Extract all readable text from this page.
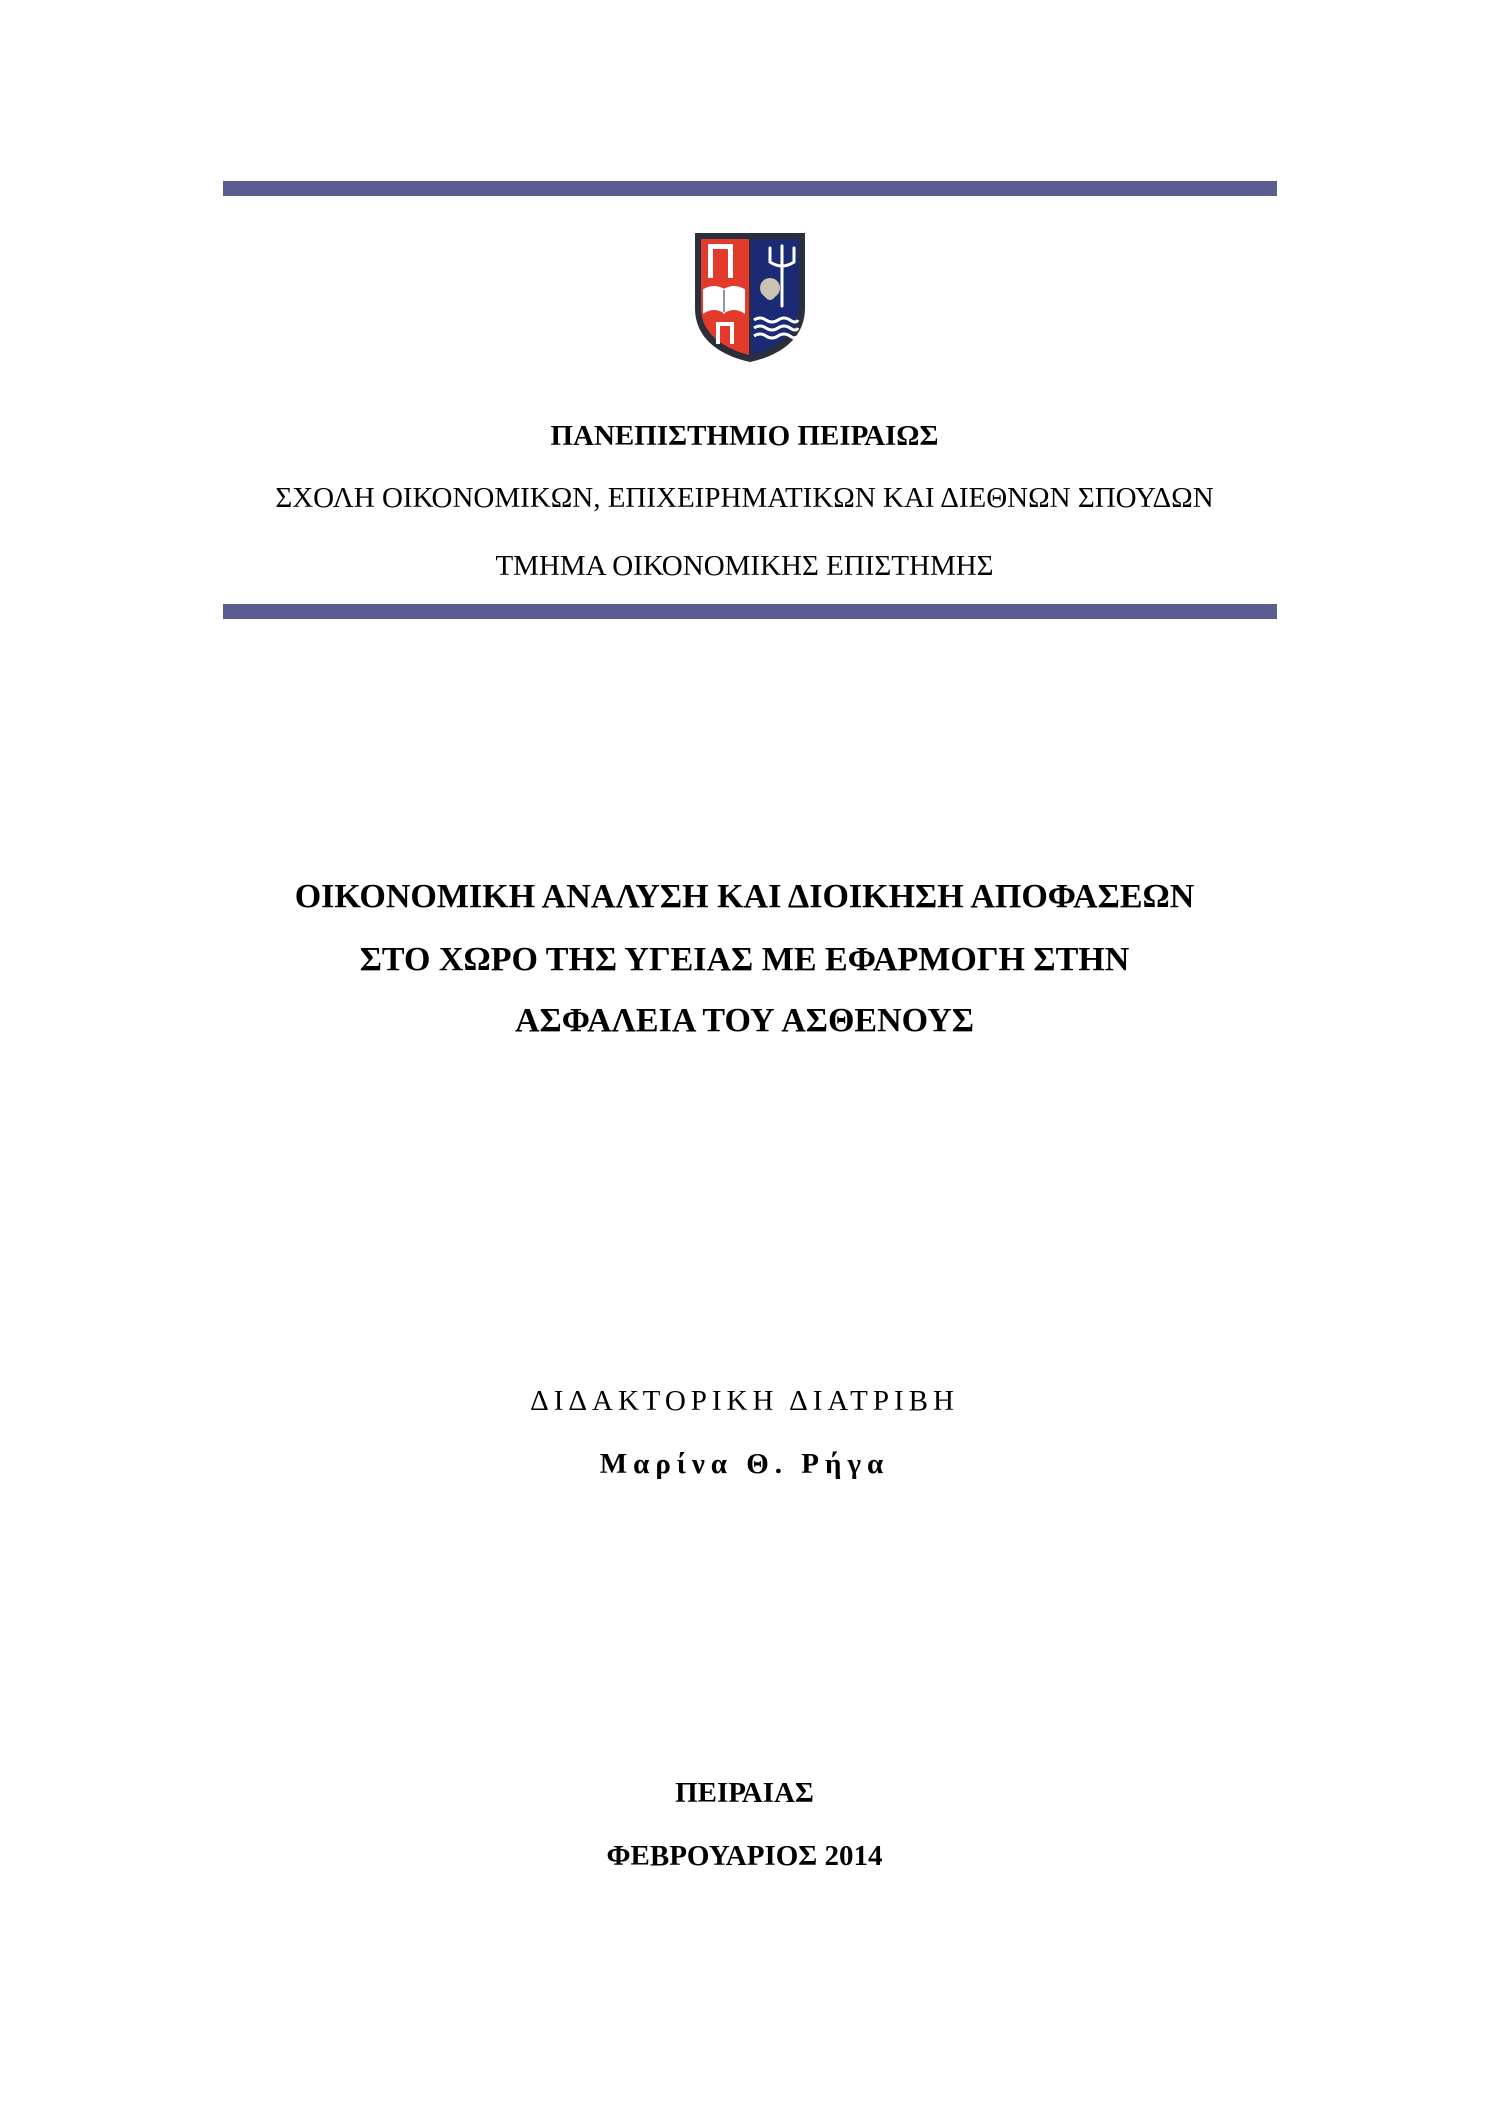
ΠΑΝΕΠΙΣΤΗΜΙΟ ΠΕΙΡΑΙΩΣ
ΣΧΟΛΗ ΟΙΚΟΝΟΜΙΚΩΝ, ΕΠΙΧΕΙΡΗΜΑΤΙΚΩΝ ΚΑΙ ΔΙΕΘΝΩΝ ΣΠΟΥΔΩΝ
ΤΜΗΜΑ ΟΙΚΟΝΟΜΙΚΗΣ ΕΠΙΣΤΗΜΗΣ
ΟΙΚΟΝΟΜΙΚΗ ΑΝΑΛΥΣΗ ΚΑΙ ΔΙΟΙΚΗΣΗ ΑΠΟΦΑΣΕΩΝ
ΣΤΟ ΧΩΡΟ ΤΗΣ ΥΓΕΙΑΣ ΜΕ ΕΦΑΡΜΟΓΗ ΣΤΗΝ
ΑΣΦΑΛΕΙΑ ΤΟΥ ΑΣΘΕΝΟΥΣ
ΔΙΔΑΚΤΟΡΙΚΗ ΔΙΑΤΡΙΒΗ
Μαρίνα Θ. Ρήγα
ΠΕΙΡΑΙΑΣ
ΦΕΒΡΟΥΑΡΙΟΣ 2014
